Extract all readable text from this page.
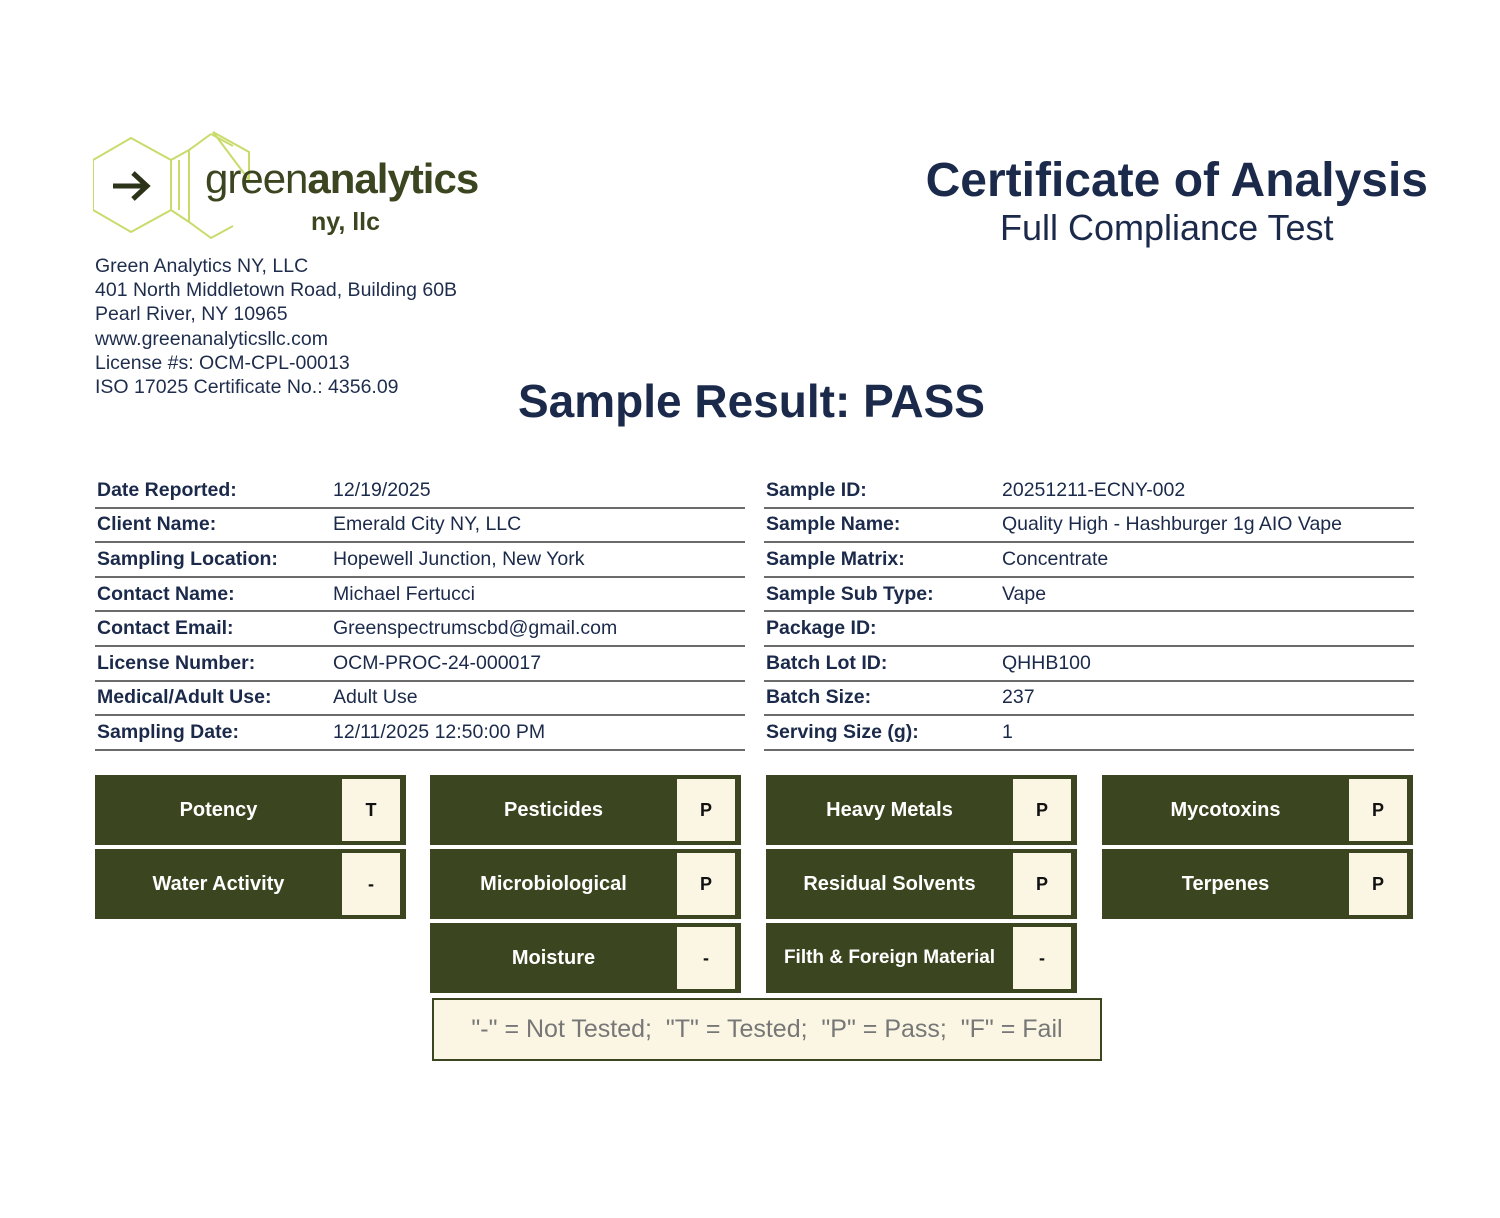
greenanalytics
ny, llc
Green Analytics NY, LLC
401 North Middletown Road, Building 60B
Pearl River, NY 10965
www.greenanalyticsllc.com
License #s: OCM-CPL-00013
ISO 17025 Certificate No.: 4356.09
Certificate of Analysis
Full Compliance Test
Sample Result: PASS
Date Reported:	12/19/2025
Client Name:	Emerald City NY, LLC
Sampling Location:	Hopewell Junction, New York
Contact Name:	Michael Fertucci
Contact Email:	Greenspectrumscbd@gmail.com
License Number:	OCM-PROC-24-000017
Medical/Adult Use:	Adult Use
Sampling Date:	12/11/2025 12:50:00 PM
Sample ID:	20251211-ECNY-002
Sample Name:	Quality High - Hashburger 1g AIO Vape
Sample Matrix:	Concentrate
Sample Sub Type:	Vape
Package ID:
Batch Lot ID:	QHHB100
Batch Size:	237
Serving Size (g):	1
Potency	T	Pesticides	P	Heavy Metals	P	Mycotoxins	P
Water Activity	-	Microbiological	P	Residual Solvents	P	Terpenes	P
Moisture	-	Filth & Foreign Material	-
"-" = Not Tested;  "T" = Tested;  "P" = Pass;  "F" = Fail
